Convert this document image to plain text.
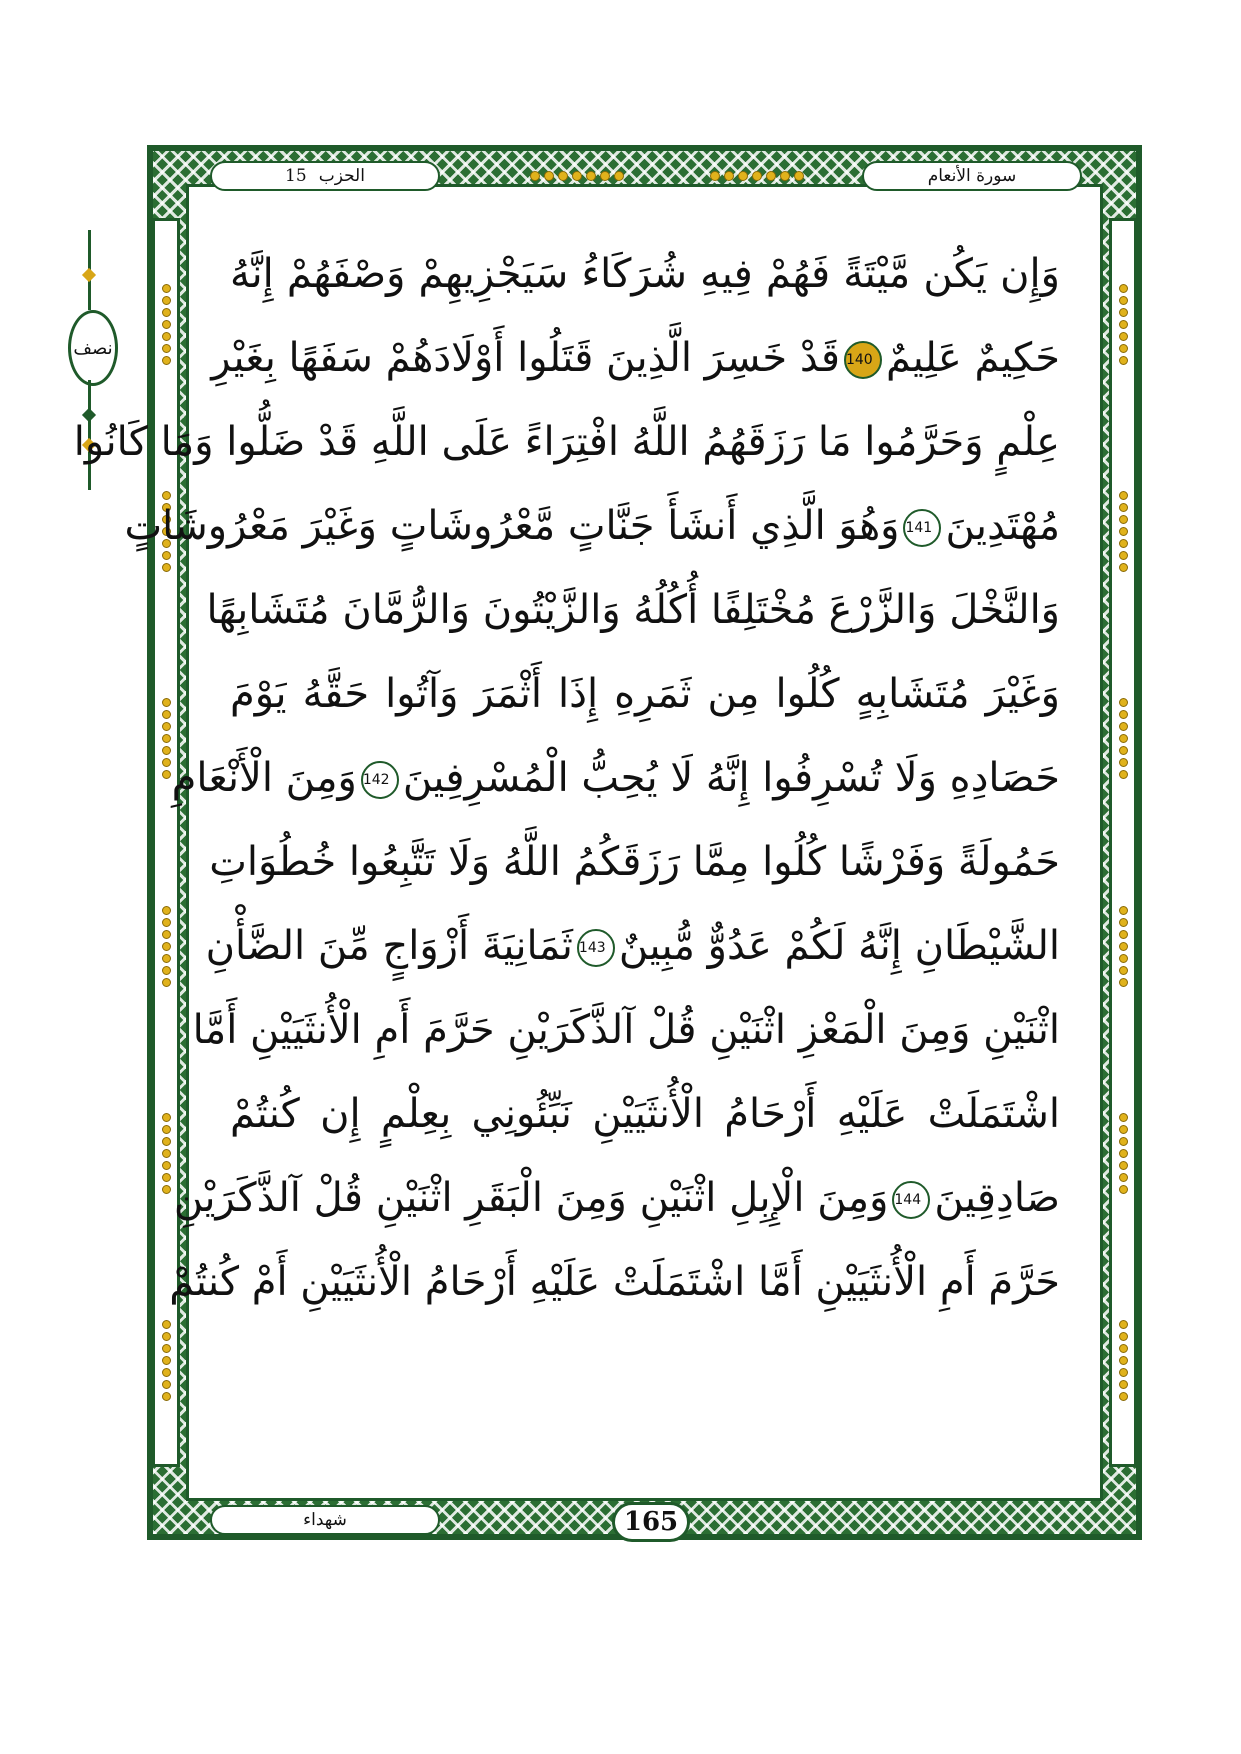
نصف
15 الحزب	سورة الأنعام
وَإِن يَكُن مَّيْتَةً فَهُمْ فِيهِ شُرَكَاءُ سَيَجْزِيهِمْ وَصْفَهُمْ إِنَّهُ
حَكِيمٌ عَلِيمٌ140قَدْ خَسِرَ الَّذِينَ قَتَلُوا أَوْلَادَهُمْ سَفَهًا بِغَيْرِ
عِلْمٍ وَحَرَّمُوا مَا رَزَقَهُمُ اللَّهُ افْتِرَاءً عَلَى اللَّهِ قَدْ ضَلُّوا وَمَا كَانُوا
مُهْتَدِينَ141وَهُوَ الَّذِي أَنشَأَ جَنَّاتٍ مَّعْرُوشَاتٍ وَغَيْرَ مَعْرُوشَاتٍ
وَالنَّخْلَ وَالزَّرْعَ مُخْتَلِفًا أُكُلُهُ وَالزَّيْتُونَ وَالرُّمَّانَ مُتَشَابِهًا
وَغَيْرَ مُتَشَابِهٍ كُلُوا مِن ثَمَرِهِ إِذَا أَثْمَرَ وَآتُوا حَقَّهُ يَوْمَ
حَصَادِهِ وَلَا تُسْرِفُوا إِنَّهُ لَا يُحِبُّ الْمُسْرِفِينَ142وَمِنَ الْأَنْعَامِ
حَمُولَةً وَفَرْشًا كُلُوا مِمَّا رَزَقَكُمُ اللَّهُ وَلَا تَتَّبِعُوا خُطُوَاتِ
الشَّيْطَانِ إِنَّهُ لَكُمْ عَدُوٌّ مُّبِينٌ143ثَمَانِيَةَ أَزْوَاجٍ مِّنَ الضَّأْنِ
اثْنَيْنِ وَمِنَ الْمَعْزِ اثْنَيْنِ قُلْ آلذَّكَرَيْنِ حَرَّمَ أَمِ الْأُنثَيَيْنِ أَمَّا
اشْتَمَلَتْ عَلَيْهِ أَرْحَامُ الْأُنثَيَيْنِ نَبِّئُونِي بِعِلْمٍ إِن كُنتُمْ
صَادِقِينَ144وَمِنَ الْإِبِلِ اثْنَيْنِ وَمِنَ الْبَقَرِ اثْنَيْنِ قُلْ آلذَّكَرَيْنِ
حَرَّمَ أَمِ الْأُنثَيَيْنِ أَمَّا اشْتَمَلَتْ عَلَيْهِ أَرْحَامُ الْأُنثَيَيْنِ أَمْ كُنتُمْ
شهداء	165
